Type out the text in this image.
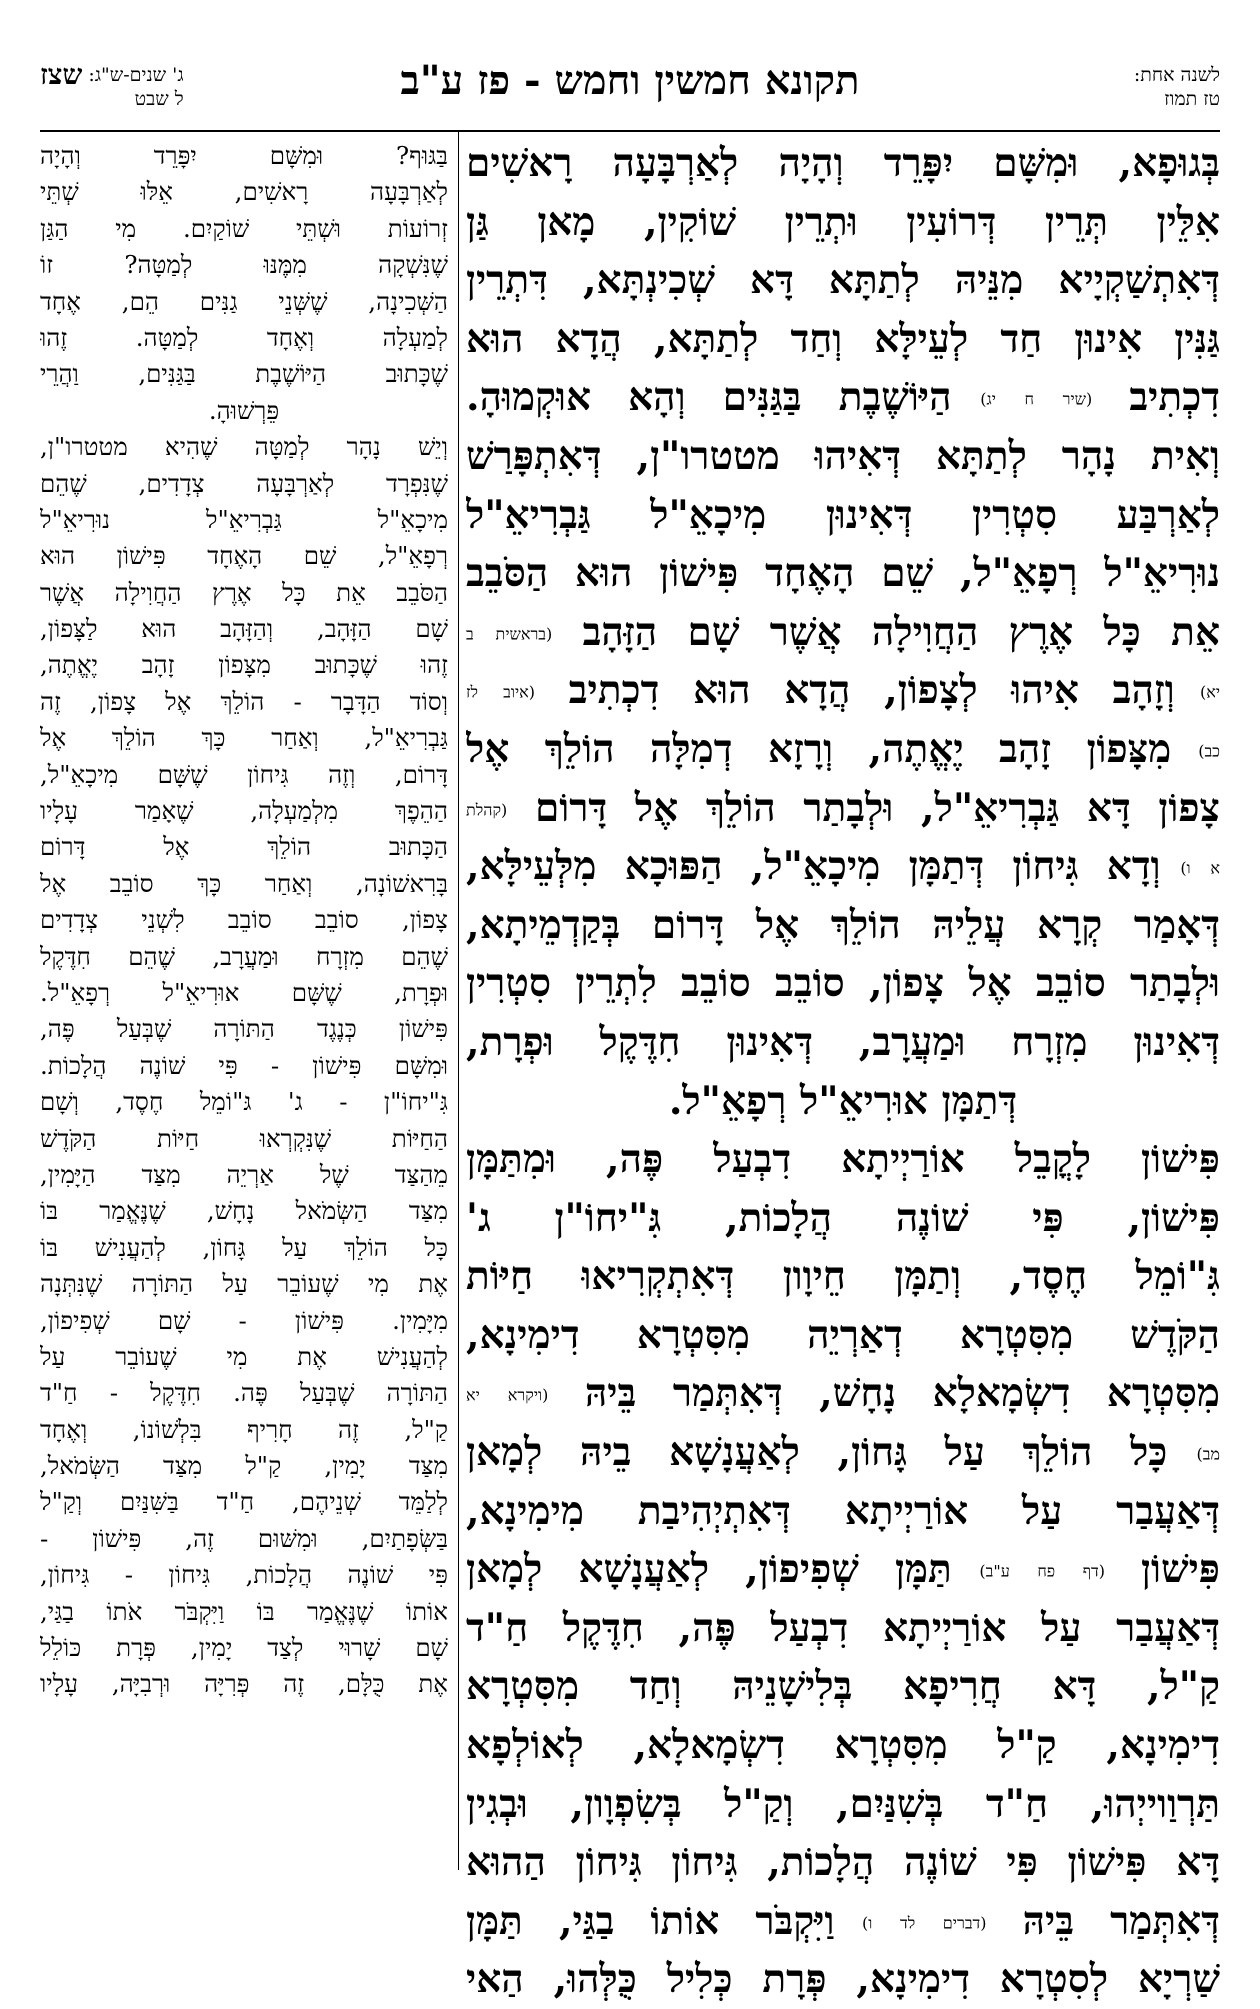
לשנה אחת:
טז תמוז
תקונא חמשין וחמש - פז ע"ב
ג' שנים-ש"ג:
ל שבט
שצז
בְּגוּפָא, וּמִשָּׁם יִפָּרֵד וְהָיָה לְאַרְבָּעָה רָאשִׁים
אִלֵּין תְּרֵין דְּרוֹעִין וּתְרֵין שׁוֹקִין, מָאן גַּן
דְּאִתְשַׁקְיָיא מִנֵּיהּ לְתַתָּא דָּא שְׁכִינְתָּא, דִּתְרֵין
גַּנִּין אִינוּן חַד לְעֵילָּא וְחַד לְתַתָּא, הֲדָא הוּא
דִכְתִיב (שיר ח יג) הַיּוֹשֶׁבֶת בַּגַּנִּים וְהָא אוּקְמוּהָ.
וְאִית נָהָר לְתַתָּא דְּאִיהוּ מטטרו"ן, דְּאִתְפָּרַשׁ
לְאַרְבַּע סִטְרִין דְּאִינוּן מִיכָאֵ"ל גַּבְרִיאֵ"ל
נוּרִיאֵ"ל רְפָאֵ"ל, שֵׁם הָאֶחָד פִּישׁוֹן הוּא הַסֹּבֵב
אֵת כָּל אֶרֶץ הַחֲוִילָה אֲשֶׁר שָׁם הַזָּהָב (בראשית ב
יא) וְזָהָב אִיהוּ לְצָפוֹן, הֲדָא הוּא דִכְתִיב (איוב לז
כב) מִצָּפוֹן זָהָב יֶאֱתֶה, וְרָזָא דְמִלָּה הוֹלֵךְ אֶל
צָפוֹן דָּא גַּבְרִיאֵ"ל, וּלְבָתַר הוֹלֵךְ אֶל דָּרוֹם (קהלת
א ו) וְדָא גִּיחוֹן דְּתַמָּן מִיכָאֵ"ל, הַפּוּכָא מִלְּעֵילָּא,
דְּאָמַר קְרָא עֲלֵיהּ הוֹלֵךְ אֶל דָּרוֹם בְּקַדְמֵיתָא,
וּלְבָתַר סוֹבֵב אֶל צָפוֹן, סוֹבֵב סוֹבֵב לִתְרֵין סִטְרִין
דְּאִינוּן מִזְרָח וּמַעֲרָב, דְּאִינוּן חִדֶּקֶל וּפְרָת,
דְּתַמָּן אוּרִיאֵ"ל רְפָאֵ"ל.
פִּישׁוֹן לָקֳבֵל אוֹרַיְיתָא דִבְעַל פֶּה, וּמִתַּמָּן
פִּישׁוֹן, פִּי שׁוֹנֶה הֲלָכוֹת, גִּ"יחוֹ"ן ג'
גִּ"וֹמֵל חֶסֶד, וְתַמָּן חֵיוָון דְּאִתְקְרִיאוּ חַיּוֹת
הַקֹּדֶשׁ מִסִּטְרָא דְאַרְיֵה מִסִּטְרָא דִימִינָא,
מִסִּטְרָא דִשְׂמָאלָא נָחָשׁ, דְּאִתְּמַר בֵּיהּ (ויקרא יא
מב) כָּל הוֹלֵךְ עַל גָּחוֹן, לְאַעֲנָשָׁא בֵיהּ לְמָאן
דְּאַעֲבַר עַל אוֹרַיְיתָא דְּאִתְיְהִיבַת מִימִינָא,
פִּישׁוֹן (דף פח ע"ב) תַּמָּן שְׁפִיפוֹן, לְאַעֲנָשָׁא לְמָאן
דְּאַעֲבַר עַל אוֹרַיְיתָא דִבְעַל פֶּה, חִדֶּקֶל חַ"ד
קַ"ל, דָּא חֲרִיפָא בְּלִישָׁנֵיהּ וְחַד מִסִּטְרָא
דִימִינָא, קַ"ל מִסִּטְרָא דִשְׂמָאלָא, לְאוֹלְפָא
תַּרְוַוייְהוּ, חַ"ד בְּשִׁנַּיִם, וְקַ"ל בְּשִׂפְוָון, וּבְגִין
דָּא פִּישׁוֹן פִּי שׁוֹנֶה הֲלָכוֹת, גִּיחוֹן גִּיחוֹן הַהוּא
דְּאִתְּמַר בֵּיהּ (דברים לד ו) וַיִּקְבֹּר אוֹתוֹ בַגַּי, תַּמָּן
שַׁרְיָא לְסִטְרָא דִימִינָא, פְּרָת כְּלִיל כֻּלְּהוּ, הַאי
בַּגּוּף? וּמִשָּׁם יִפָּרֵד וְהָיָה
לְאַרְבָּעָה רָאשִׁים, אֵלּוּ שְׁתֵּי
זְרוֹעוֹת וּשְׁתֵּי שׁוֹקַיִם. מִי הַגַּן
שֶׁנִּשְׁקָה מִמֶּנּוּ לְמַטָּה? זוֹ
הַשְּׁכִינָה, שֶׁשְּׁנֵי גַנִּים הֵם, אֶחָד
לְמַעְלָה וְאֶחָד לְמַטָּה. זֶהוּ
שֶׁכָּתוּב הַיּוֹשֶׁבֶת בַּגַּנִּים, וַהֲרֵי
פֵּרְשׁוּהָ.
וְיֵשׁ נָהָר לְמַטָּה שֶׁהִיא מטטרו"ן,
שֶׁנִּפְרָד לְאַרְבָּעָה צְדָדִים, שֶׁהֵם
מִיכָאֵ"ל גַּבְרִיאֵ"ל נוּרִיאֵ"ל
רְפָאֵ"ל, שֵׁם הָאֶחָד פִּישׁוֹן הוּא
הַסֹּבֵב אֵת כָּל אֶרֶץ הַחֲוִילָה אֲשֶׁר
שָׁם הַזָּהָב, וְהַזָּהָב הוּא לַצָּפוֹן,
זֶהוּ שֶׁכָּתוּב מִצָּפוֹן זָהָב יֶאֱתֶה,
וְסוֹד הַדָּבָר - הוֹלֵךְ אֶל צָפוֹן, זֶה
גַּבְרִיאֵ"ל, וְאַחַר כָּךְ הוֹלֵךְ אֶל
דָּרוֹם, וְזֶה גִּיחוֹן שֶׁשָּׁם מִיכָאֵ"ל,
הַהֵפֶךְ מִלְמַעְלָה, שֶׁאָמַר עָלָיו
הַכָּתוּב הוֹלֵךְ אֶל דָּרוֹם
בָּרִאשׁוֹנָה, וְאַחַר כָּךְ סוֹבֵב אֶל
צָפוֹן, סוֹבֵב סוֹבֵב לִשְׁנֵי צְדָדִים
שֶׁהֵם מִזְרָח וּמַעֲרָב, שֶׁהֵם חִדֶּקֶל
וּפְרָת, שֶׁשָּׁם אוּרִיאֵ"ל רְפָאֵ"ל.
פִּישׁוֹן כְּנֶגֶד הַתּוֹרָה שֶׁבְּעַל פֶּה,
וּמִשָּׁם פִּישׁוֹן - פִּי שׁוֹנֶה הֲלָכוֹת.
גִּ"יחוֹ"ן - ג' גּ"וֹמֵל חֶסֶד, וְשָׁם
הַחַיּוֹת שֶׁנִּקְרְאוּ חַיּוֹת הַקֹּדֶשׁ
מֵהַצַּד שֶׁל אַרְיֵה מִצַּד הַיָּמִין,
מִצַּד הַשְּׂמֹאל נָחָשׁ, שֶׁנֶּאֱמַר בּוֹ
כָּל הוֹלֵךְ עַל גָּחוֹן, לְהַעֲנִישׁ בּוֹ
אֶת מִי שֶׁעוֹבֵר עַל הַתּוֹרָה שֶׁנִּתְּנָה
מִיָּמִין. פִּישׁוֹן - שָׁם שְׁפִיפוֹן,
לְהַעֲנִישׁ אֶת מִי שֶׁעוֹבֵר עַל
הַתּוֹרָה שֶׁבְּעַל פֶּה. חִדֶּקֶל - חַ"ד
קַ"ל, זֶה חָרִיף בִּלְשׁוֹנוֹ, וְאֶחָד
מִצַּד יָמִין, קַ"ל מִצַּד הַשְּׂמֹאל,
לְלַמֵּד שְׁנֵיהֶם, חַ"ד בַּשִּׁנַּיִם וְקַ"ל
בַּשְּׂפָתַיִם, וּמִשּׁוּם זֶה, פִּישׁוֹן -
פִּי שׁוֹנֶה הֲלָכוֹת, גִּיחוֹן - גִּיחוֹן,
אוֹתוֹ שֶׁנֶּאֱמַר בּוֹ וַיִּקְבֹּר אֹתוֹ בַגַּי,
שָׁם שָׁרוּי לְצַד יָמִין, פְּרָת כּוֹלֵל
אֶת כֻּלָּם, זֶה פְּרִיָּה וּרְבִיָּה, עָלָיו
